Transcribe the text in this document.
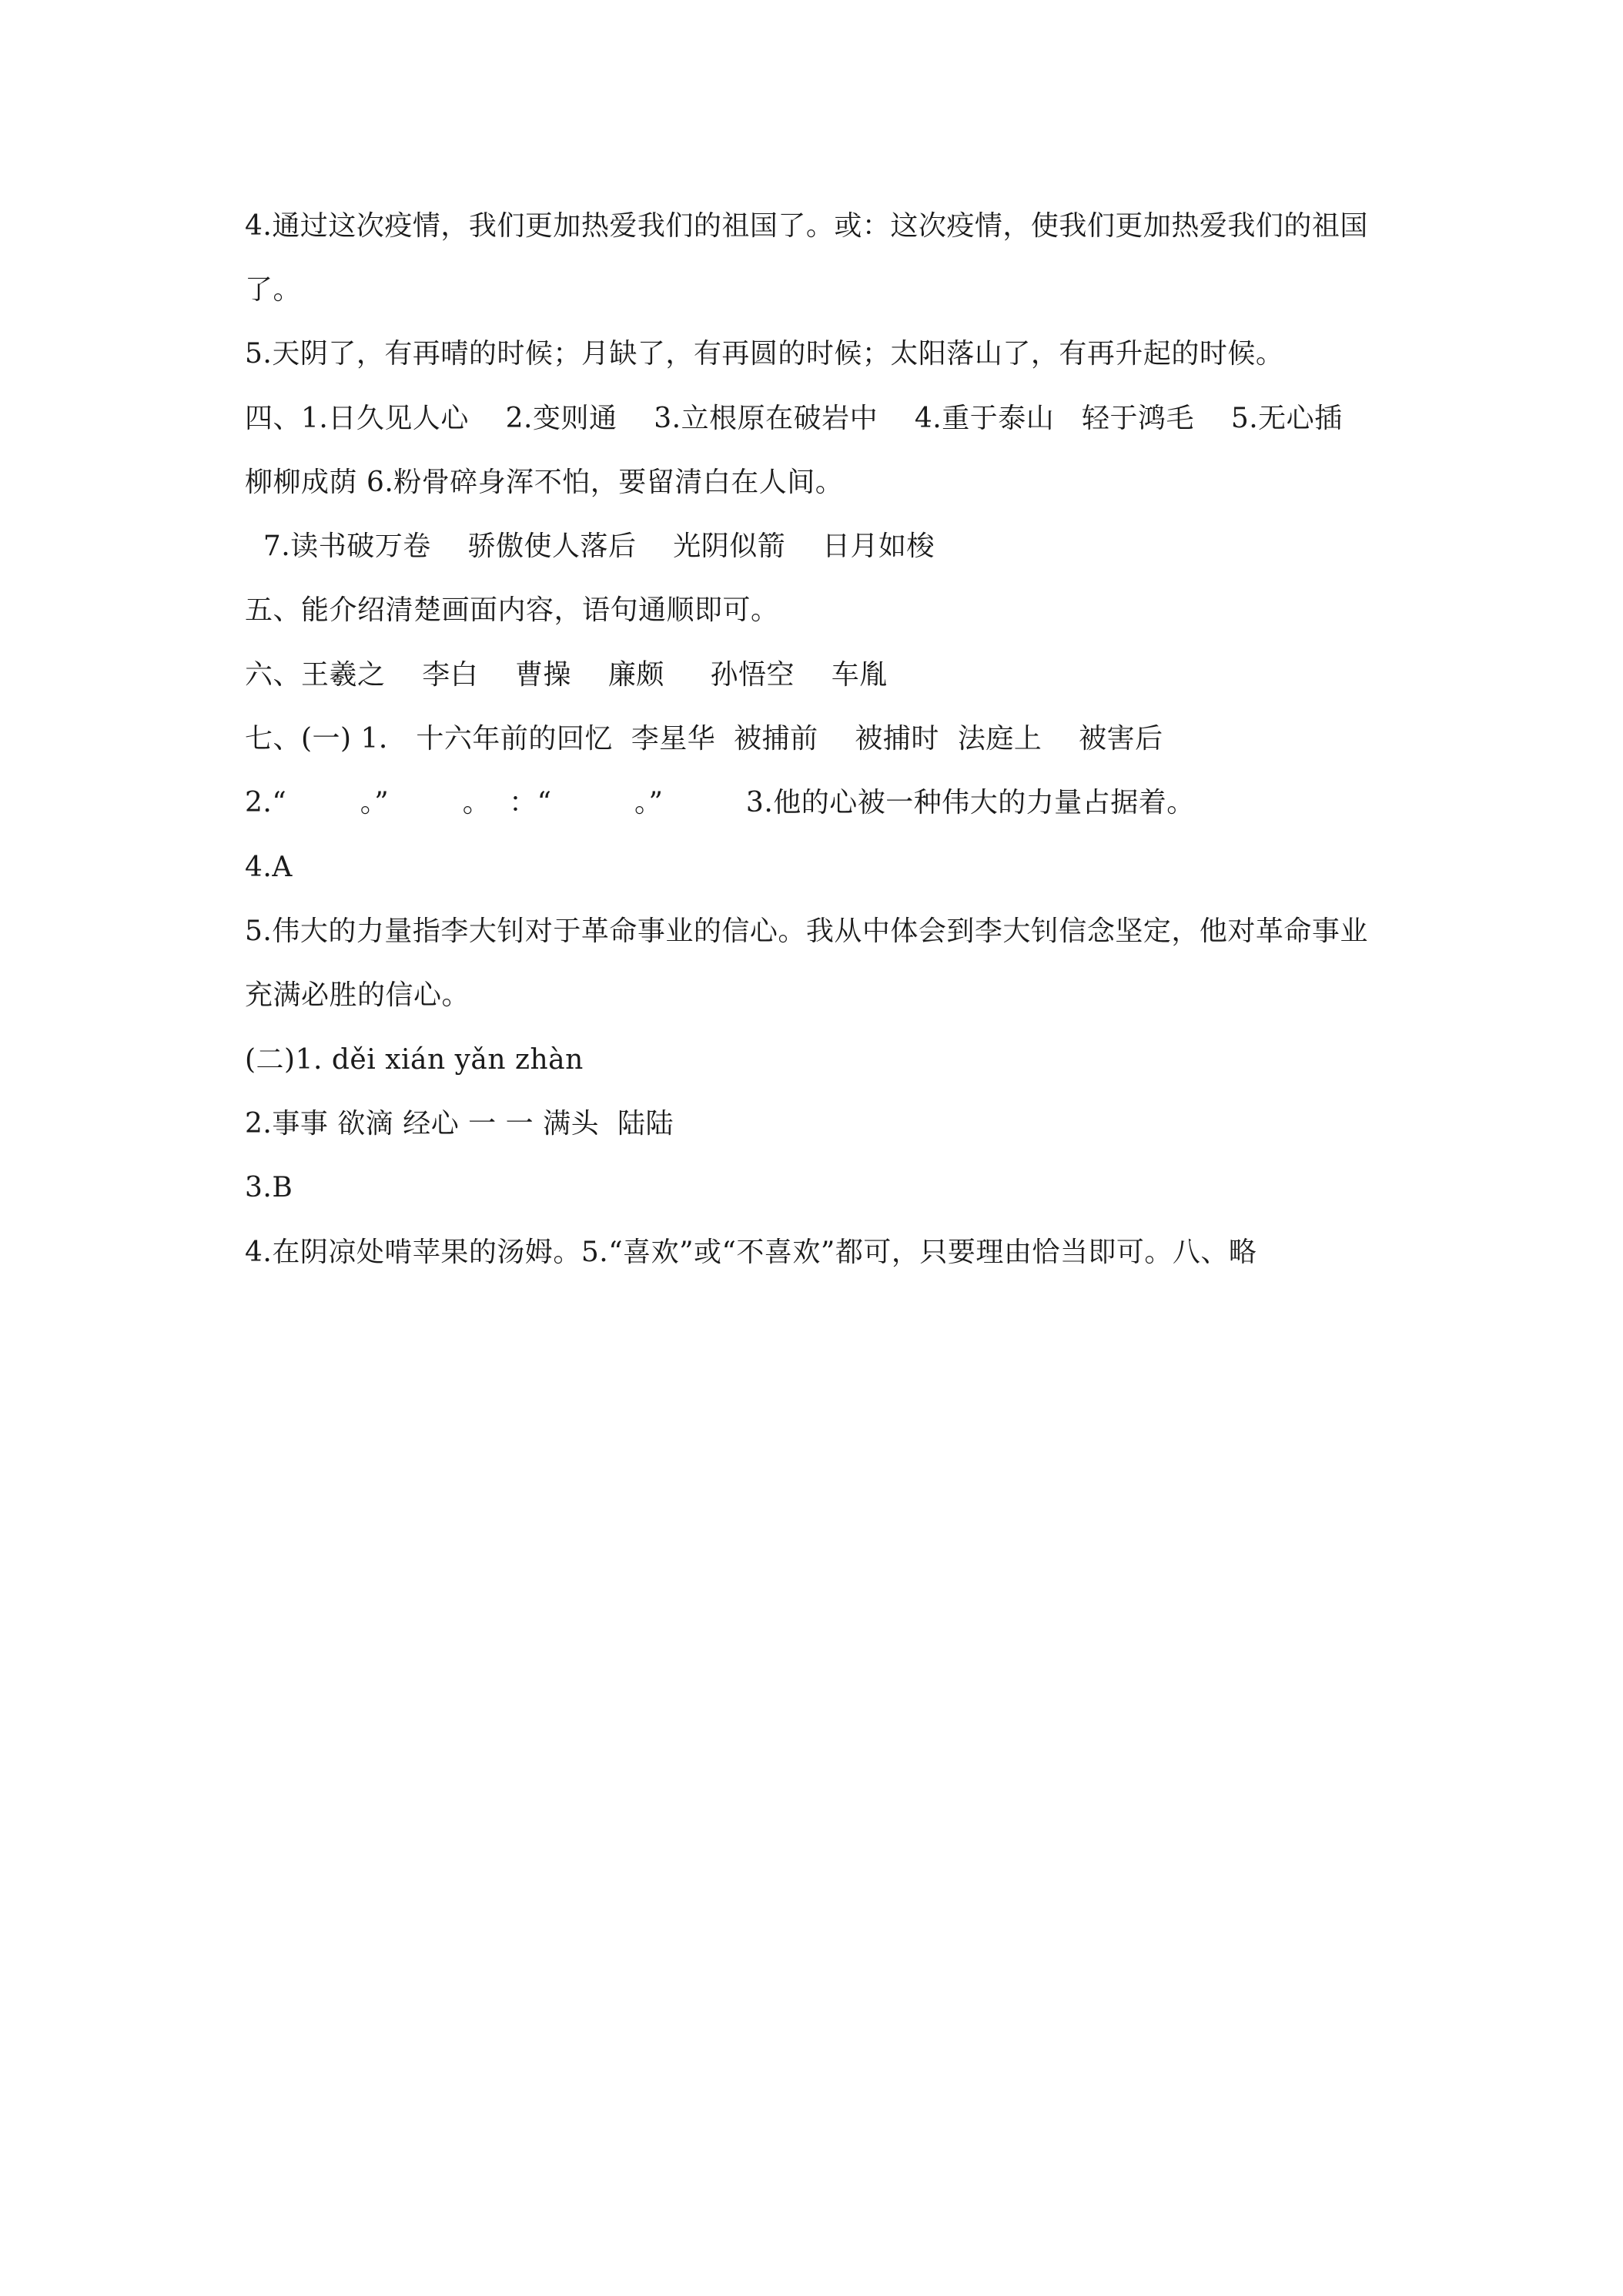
4.通过这次疫情，我们更加热爱我们的祖国了。或：这次疫情，使我们更加热爱我们的祖国
了。
5.天阴了，有再晴的时候；月缺了，有再圆的时候；太阳落山了，有再升起的时候。
四、1.日久见人心    2.变则通    3.立根原在破岩中    4.重于泰山   轻于鸿毛    5.无心插
柳柳成荫 6.粉骨碎身浑不怕，要留清白在人间。
7.读书破万卷    骄傲使人落后    光阴似箭    日月如梭
五、能介绍清楚画面内容，语句通顺即可。
六、王羲之    李白    曹操    廉颇     孙悟空    车胤
七、(一) 1． 十六年前的回忆  李星华  被捕前    被捕时  法庭上    被害后
2.“        。”        。  ：“         。”         3.他的心被一种伟大的力量占据着。
4.A
5.伟大的力量指李大钊对于革命事业的信心。我从中体会到李大钊信念坚定，他对革命事业
充满必胜的信心。
(二)1. děi xián yǎn zhàn
2.事事 欲滴 经心 一 一 满头  陆陆
3.B
4.在阴凉处啃苹果的汤姆。5.“喜欢”或“不喜欢”都可，只要理由恰当即可。八、略
